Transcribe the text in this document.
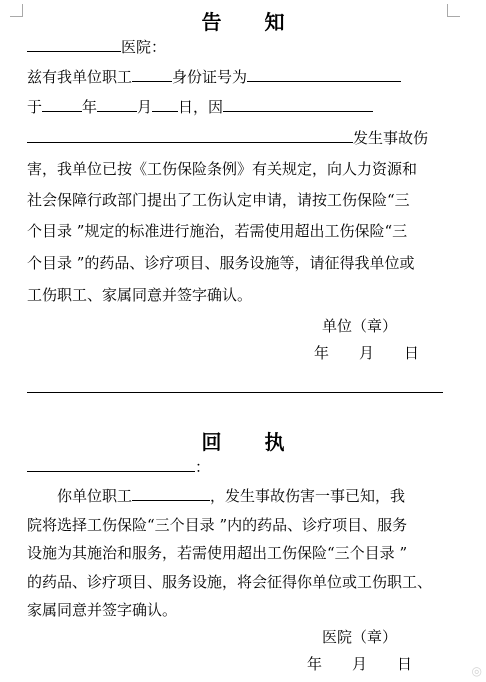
告 知
医院：
兹有我单位职工	身份证号为
于	年	月 日，因
发生事故伤
害，我单位已按《工伤保险条例》有关规定，向人力资源和
社会保障行政部门提出了工伤认定申请，请按工伤保险“三
个目录 ”规定的标准进行施治，若需使用超出工伤保险“三
个目录 ”的药品、诊疗项目、服务设施等，请征得我单位或
工伤职工、家属同意并签字确认。
单位（章）
年　　月　　日
回 执
：
你单位职工	，发生事故伤害一事已知，我
院将选择工伤保险“三个目录 ”内的药品、诊疗项目、服务
设施为其施治和服务，若需使用超出工伤保险“三个目录 ”
的药品、诊疗项目、服务设施，将会征得你单位或工伤职工、
家属同意并签字确认。
医院（章）
年　　月　　日	◎
